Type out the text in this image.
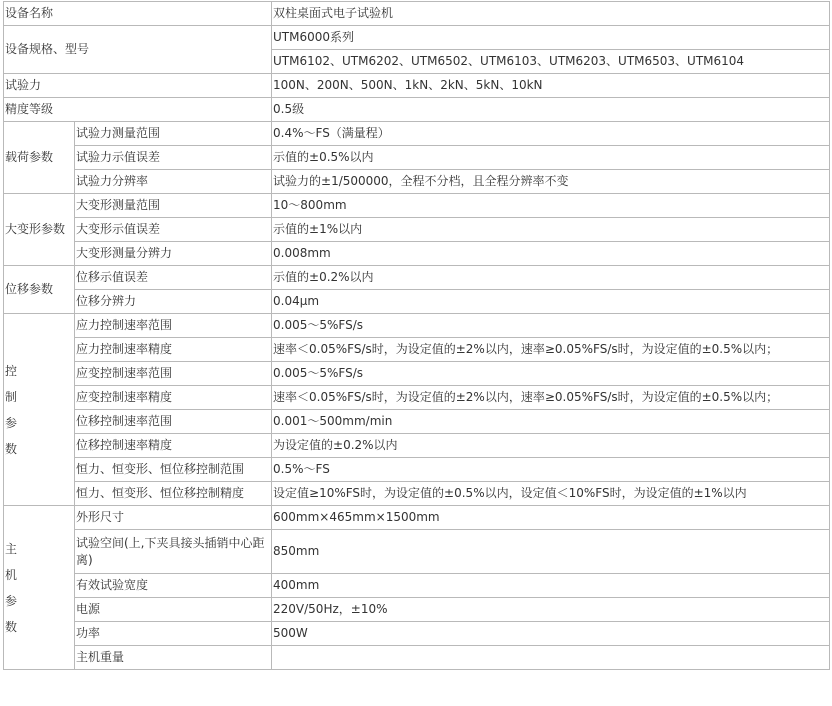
设备名称		双柱桌面式电子试验机
设备规格、型号		UTM6000系列
		UTM6102、UTM6202、UTM6502、UTM6103、UTM6203、UTM6503、UTM6104
试验力		100N、200N、500N、1kN、2kN、5kN、10kN
精度等级		0.5级
载荷参数	试验力测量范围	0.4%～FS（满量程）
	试验力示值误差	示值的±0.5%以内
	试验力分辨率	试验力的±1/500000，全程不分档，且全程分辨率不变
大变形参数	大变形测量范围	10～800mm
	大变形示值误差	示值的±1%以内
	大变形测量分辨力	0.008mm
位移参数	位移示值误差	示值的±0.2%以内
	位移分辨力	0.04μm

控制参数	应力控制速率范围	0.005～5%FS/s
	应力控制速率精度	速率＜0.05%FS/s时，为设定值的±2%以内，速率≥0.05%FS/s时，为设定值的±0.5%以内；
	应变控制速率范围	0.005～5%FS/s
	应变控制速率精度	速率＜0.05%FS/s时，为设定值的±2%以内，速率≥0.05%FS/s时，为设定值的±0.5%以内；
	位移控制速率范围	0.001～500mm/min
	位移控制速率精度	为设定值的±0.2%以内
	恒力、恒变形、恒位移控制范围	0.5%～FS
	恒力、恒变形、恒位移控制精度	设定值≥10%FS时，为设定值的±0.5%以内，设定值＜10%FS时，为设定值的±1%以内

主机参数	外形尺寸	600mm×465mm×1500mm
	试验空间(上,下夹具接头插销中心距离)	850mm
	有效试验宽度	400mm
	电源	220V/50Hz，±10%
	功率	500W
	主机重量	
